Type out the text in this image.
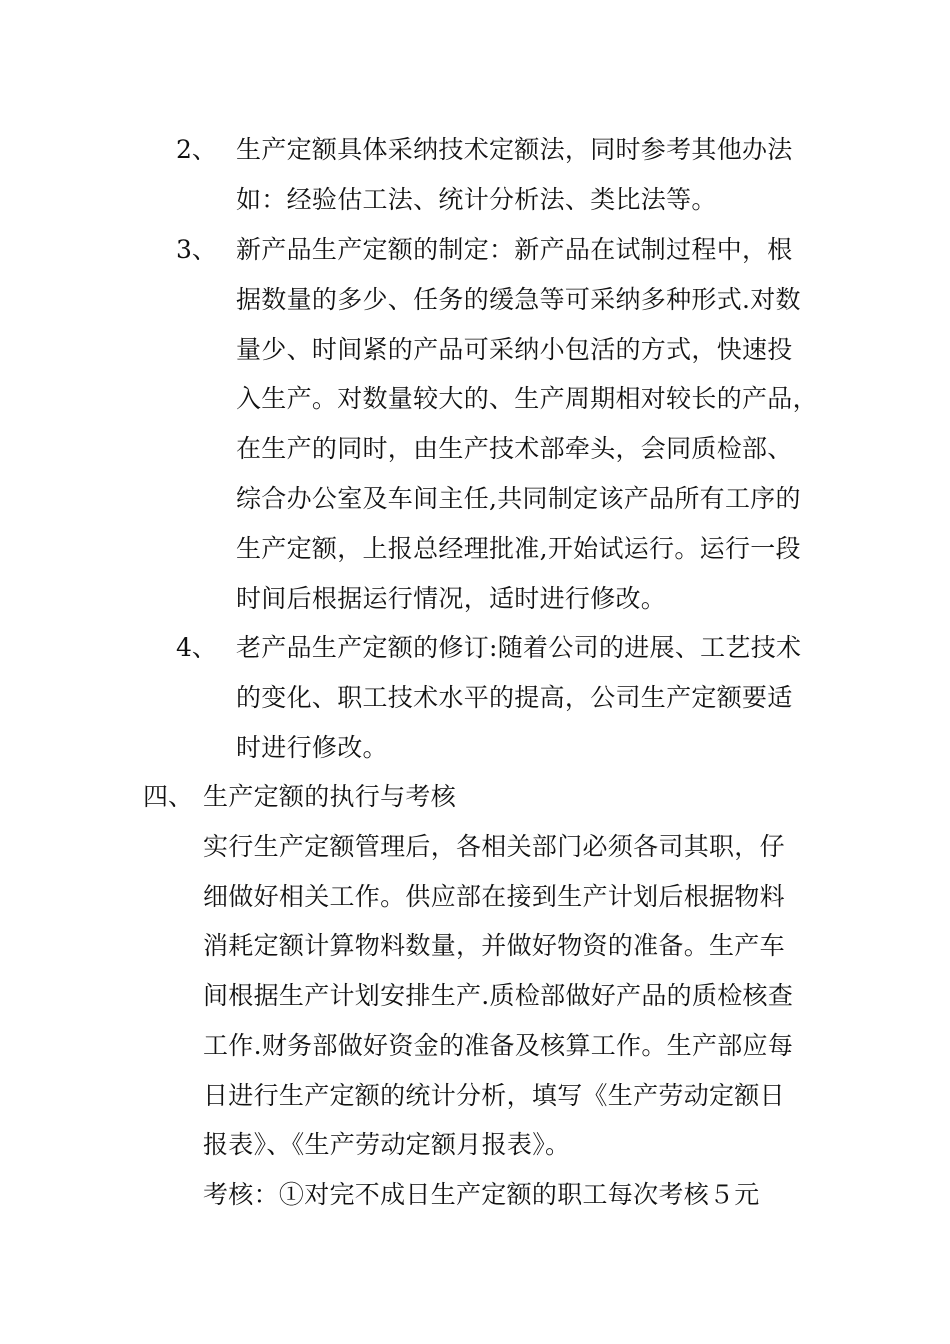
2、 生产定额具体采纳技术定额法，同时参考其他办法
如：经验估工法、统计分析法、类比法等。
3、 新产品生产定额的制定：新产品在试制过程中，根
据数量的多少、任务的缓急等可采纳多种形式.对数
量少、时间紧的产品可采纳小包活的方式，快速投
入生产。对数量较大的、生产周期相对较长的产品，
在生产的同时，由生产技术部牵头，会同质检部、
综合办公室及车间主任,共同制定该产品所有工序的
生产定额，上报总经理批准,开始试运行。运行一段
时间后根据运行情况，适时进行修改。
4、 老产品生产定额的修订:随着公司的进展、工艺技术
的变化、职工技术水平的提高，公司生产定额要适
时进行修改。
四、 生产定额的执行与考核
实行生产定额管理后，各相关部门必须各司其职，仔
细做好相关工作。供应部在接到生产计划后根据物料
消耗定额计算物料数量，并做好物资的准备。生产车
间根据生产计划安排生产.质检部做好产品的质检核查
工作.财务部做好资金的准备及核算工作。生产部应每
日进行生产定额的统计分析，填写《生产劳动定额日
报表》、《生产劳动定额月报表》。
考核：①对完不成日生产定额的职工每次考核５元
